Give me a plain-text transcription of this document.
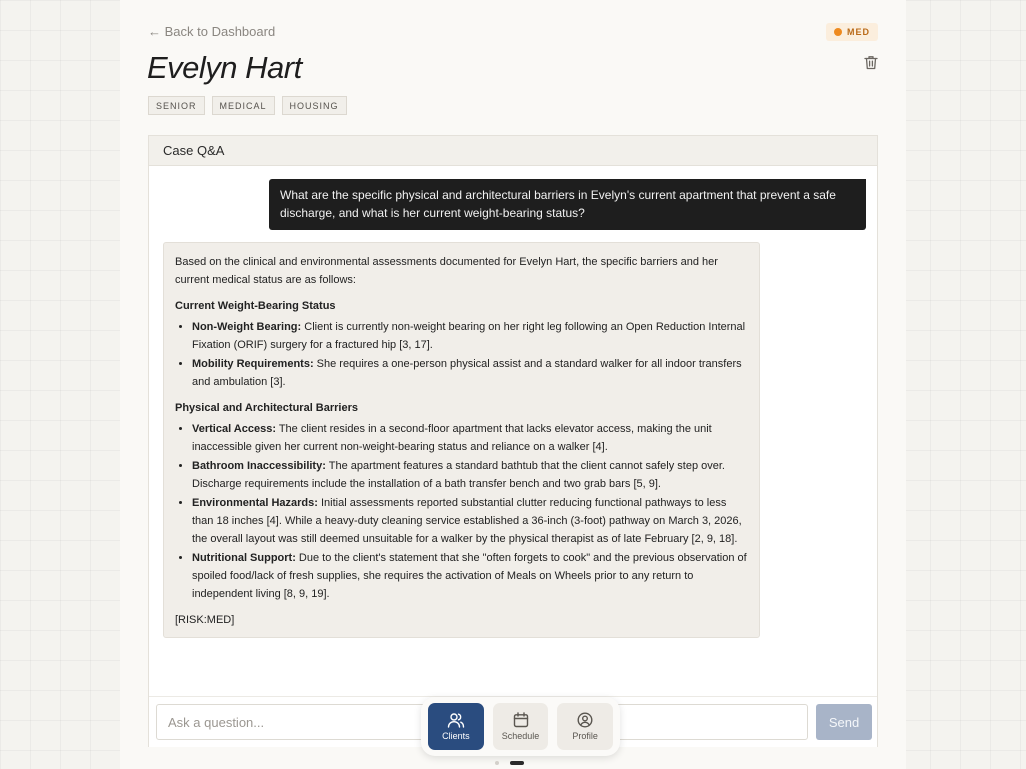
← Back to Dashboard	MED
Evelyn Hart
SENIOR	MEDICAL	HOUSING
Case Q&A
What are the specific physical and architectural barriers in Evelyn's current apartment that prevent a safe discharge, and what is her current weight-bearing status?

Based on the clinical and environmental assessments documented for Evelyn Hart, the specific barriers and her current medical status are as follows:

Current Weight-Bearing Status
• Non-Weight Bearing: Client is currently non-weight bearing on her right leg following an Open Reduction Internal Fixation (ORIF) surgery for a fractured hip [3, 17].
• Mobility Requirements: She requires a one-person physical assist and a standard walker for all indoor transfers and ambulation [3].
Physical and Architectural Barriers
• Vertical Access: The client resides in a second-floor apartment that lacks elevator access, making the unit inaccessible given her current non-weight-bearing status and reliance on a walker [4].
• Bathroom Inaccessibility: The apartment features a standard bathtub that the client cannot safely step over. Discharge requirements include the installation of a bath transfer bench and two grab bars [5, 9].
• Environmental Hazards: Initial assessments reported substantial clutter reducing functional pathways to less than 18 inches [4]. While a heavy-duty cleaning service established a 36-inch (3-foot) pathway on March 3, 2026, the overall layout was still deemed unsuitable for a walker by the physical therapist as of late February [2, 9, 18].
• Nutritional Support: Due to the client's statement that she "often forgets to cook" and the previous observation of spoiled food/lack of fresh supplies, she requires the activation of Meals on Wheels prior to any return to independent living [8, 9, 19].

[RISK:MED]

Ask a question...
Send
Clients	Schedule	Profile
